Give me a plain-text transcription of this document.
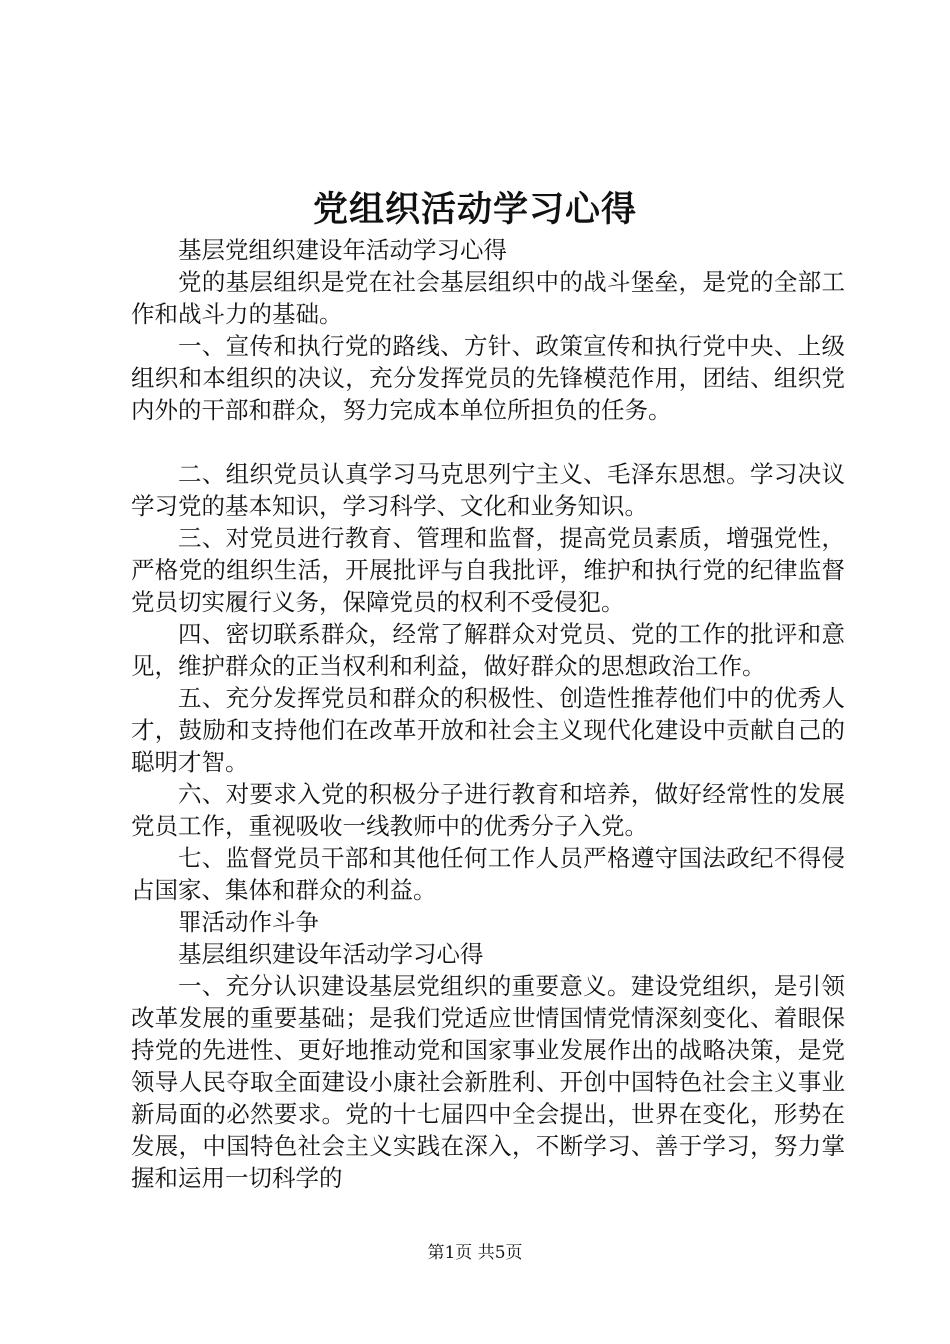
党组织活动学习心得

基层党组织建设年活动学习心得

党的基层组织是党在社会基层组织中的战斗堡垒，是党的全部工作和战斗力的基础。

一、宣传和执行党的路线、方针、政策宣传和执行党中央、上级组织和本组织的决议，充分发挥党员的先锋模范作用，团结、组织党内外的干部和群众，努力完成本单位所担负的任务。

二、组织党员认真学习马克思列宁主义、毛泽东思想。学习决议学习党的基本知识，学习科学、文化和业务知识。

三、对党员进行教育、管理和监督，提高党员素质，增强党性，严格党的组织生活，开展批评与自我批评，维护和执行党的纪律监督党员切实履行义务，保障党员的权利不受侵犯。

四、密切联系群众，经常了解群众对党员、党的工作的批评和意见，维护群众的正当权利和利益，做好群众的思想政治工作。

五、充分发挥党员和群众的积极性、创造性推荐他们中的优秀人才，鼓励和支持他们在改革开放和社会主义现代化建设中贡献自己的聪明才智。

六、对要求入党的积极分子进行教育和培养，做好经常性的发展党员工作，重视吸收一线教师中的优秀分子入党。

七、监督党员干部和其他任何工作人员严格遵守国法政纪不得侵占国家、集体和群众的利益。

罪活动作斗争

基层组织建设年活动学习心得

一、充分认识建设基层党组织的重要意义。建设党组织，是引领改革发展的重要基础；是我们党适应世情国情党情深刻变化、着眼保持党的先进性、更好地推动党和国家事业发展作出的战略决策，是党领导人民夺取全面建设小康社会新胜利、开创中国特色社会主义事业新局面的必然要求。党的十七届四中全会提出，世界在变化，形势在发展，中国特色社会主义实践在深入，不断学习、善于学习，努力掌握和运用一切科学的

第1页 共5页
